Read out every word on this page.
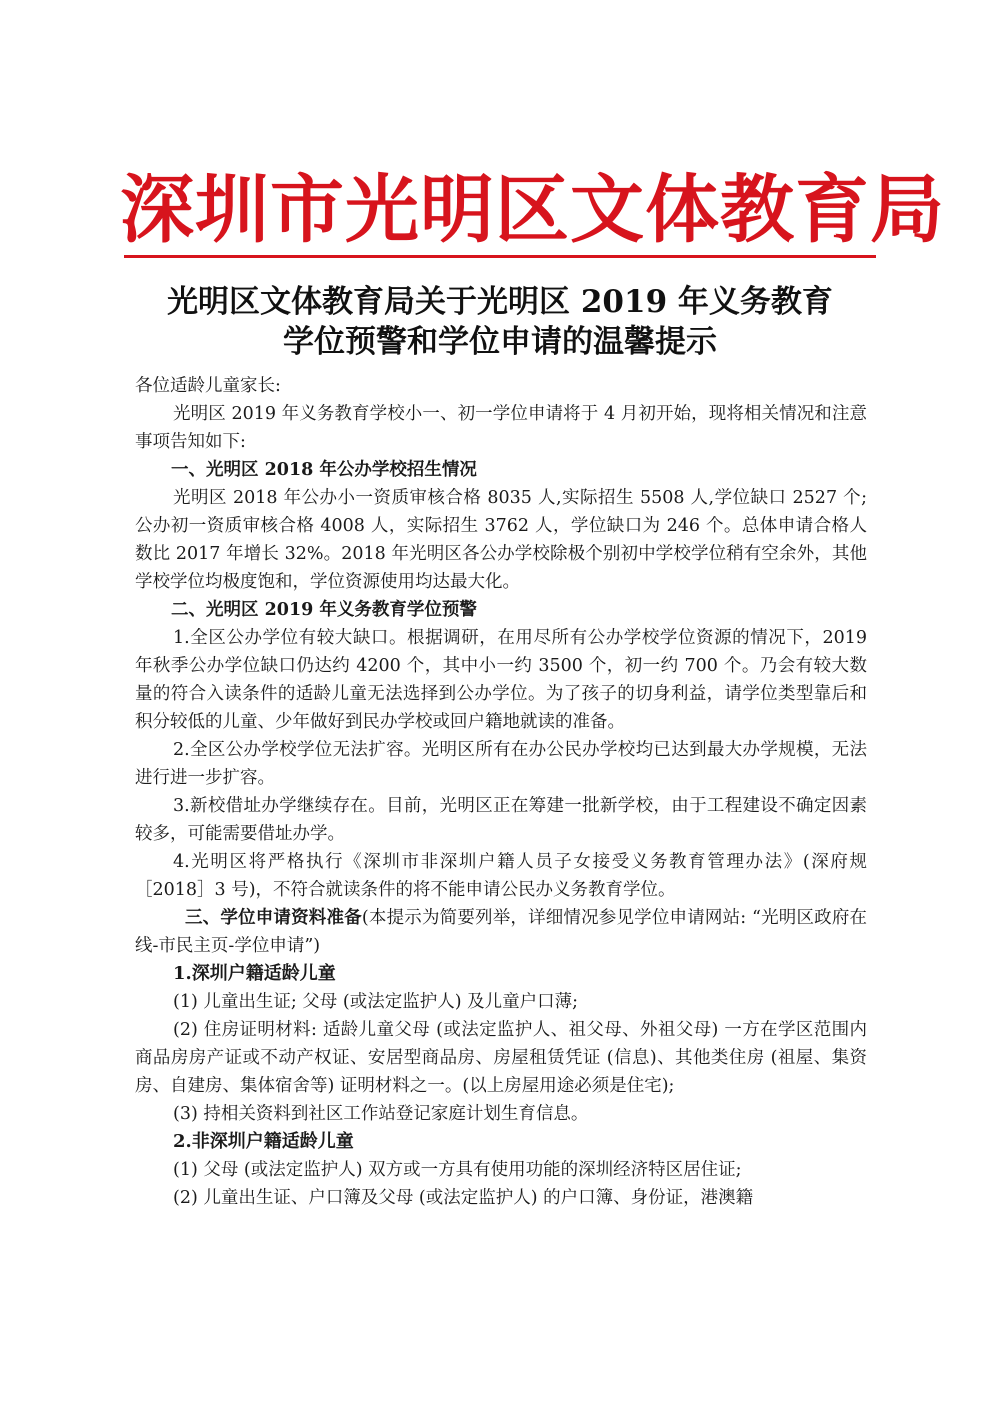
深圳市光明区文体教育局
光明区文体教育局关于光明区 2019 年义务教育
学位预警和学位申请的温馨提示

各位适龄儿童家长:

光明区 2019 年义务教育学校小一、初一学位申请将于 4 月初开始，现将相关情况和注意事项告知如下:

一、光明区 2018 年公办学校招生情况

光明区 2018 年公办小一资质审核合格 8035 人,实际招生 5508 人,学位缺口 2527 个; 公办初一资质审核合格 4008 人，实际招生 3762 人，学位缺口为 246 个。总体申请合格人数比 2017 年增长 32%。2018 年光明区各公办学校除极个别初中学校学位稍有空余外，其他学校学位均极度饱和，学位资源使用均达最大化。

二、光明区 2019 年义务教育学位预警

1.全区公办学位有较大缺口。根据调研，在用尽所有公办学校学位资源的情况下，2019 年秋季公办学位缺口仍达约 4200 个，其中小一约 3500 个，初一约 700 个。乃会有较大数量的符合入读条件的适龄儿童无法选择到公办学位。为了孩子的切身利益，请学位类型靠后和积分较低的儿童、少年做好到民办学校或回户籍地就读的准备。

2.全区公办学校学位无法扩容。光明区所有在办公民办学校均已达到最大办学规模，无法进行进一步扩容。

3.新校借址办学继续存在。目前，光明区正在筹建一批新学校，由于工程建设不确定因素较多，可能需要借址办学。

4.光明区将严格执行《深圳市非深圳户籍人员子女接受义务教育管理办法》(深府规［2018］3 号)，不符合就读条件的将不能申请公民办义务教育学位。

三、学位申请资料准备(本提示为简要列举，详细情况参见学位申请网站: “光明区政府在线-市民主页-学位申请”)

1.深圳户籍适龄儿童

(1) 儿童出生证; 父母 (或法定监护人) 及儿童户口薄;

(2) 住房证明材料: 适龄儿童父母 (或法定监护人、祖父母、外祖父母) 一方在学区范围内商品房房产证或不动产权证、安居型商品房、房屋租赁凭证 (信息)、其他类住房 (祖屋、集资房、自建房、集体宿舍等) 证明材料之一。(以上房屋用途必须是住宅);

(3) 持相关资料到社区工作站登记家庭计划生育信息。

2.非深圳户籍适龄儿童

(1) 父母 (或法定监护人) 双方或一方具有使用功能的深圳经济特区居住证;

(2) 儿童出生证、户口簿及父母 (或法定监护人) 的户口簿、身份证，港澳籍
